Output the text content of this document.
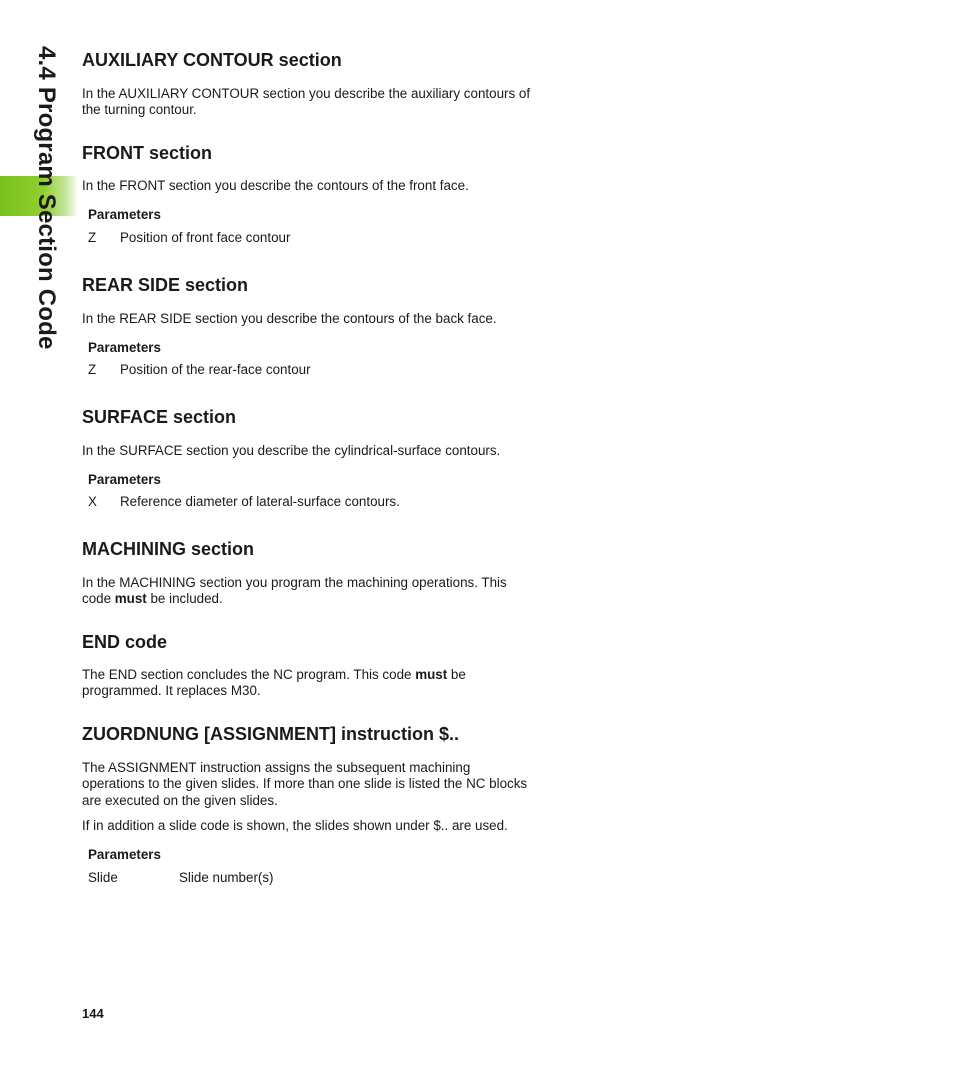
4.4 Program Section Code AUXILIARY CONTOUR section

In the AUXILIARY CONTOUR section you describe the auxiliary contours of the turning contour.

FRONT section

In the FRONT section you describe the contours of the front face.

Parameters
Z	Position of front face contour
REAR SIDE section

In the REAR SIDE section you describe the contours of the back face.

Parameters
Z	Position of the rear-face contour
SURFACE section

In the SURFACE section you describe the cylindrical-surface contours.

Parameters
X	Reference diameter of lateral-surface contours.
MACHINING section

In the MACHINING section you program the machining operations. This code must be included.

END code

The END section concludes the NC program. This code must be programmed. It replaces M30.

ZUORDNUNG [ASSIGNMENT] instruction $..

The ASSIGNMENT instruction assigns the subsequent machining operations to the given slides. If more than one slide is listed the NC blocks are executed on the given slides.

If in addition a slide code is shown, the slides shown under $.. are used.

Parameters
Slide	Slide number(s)
144
